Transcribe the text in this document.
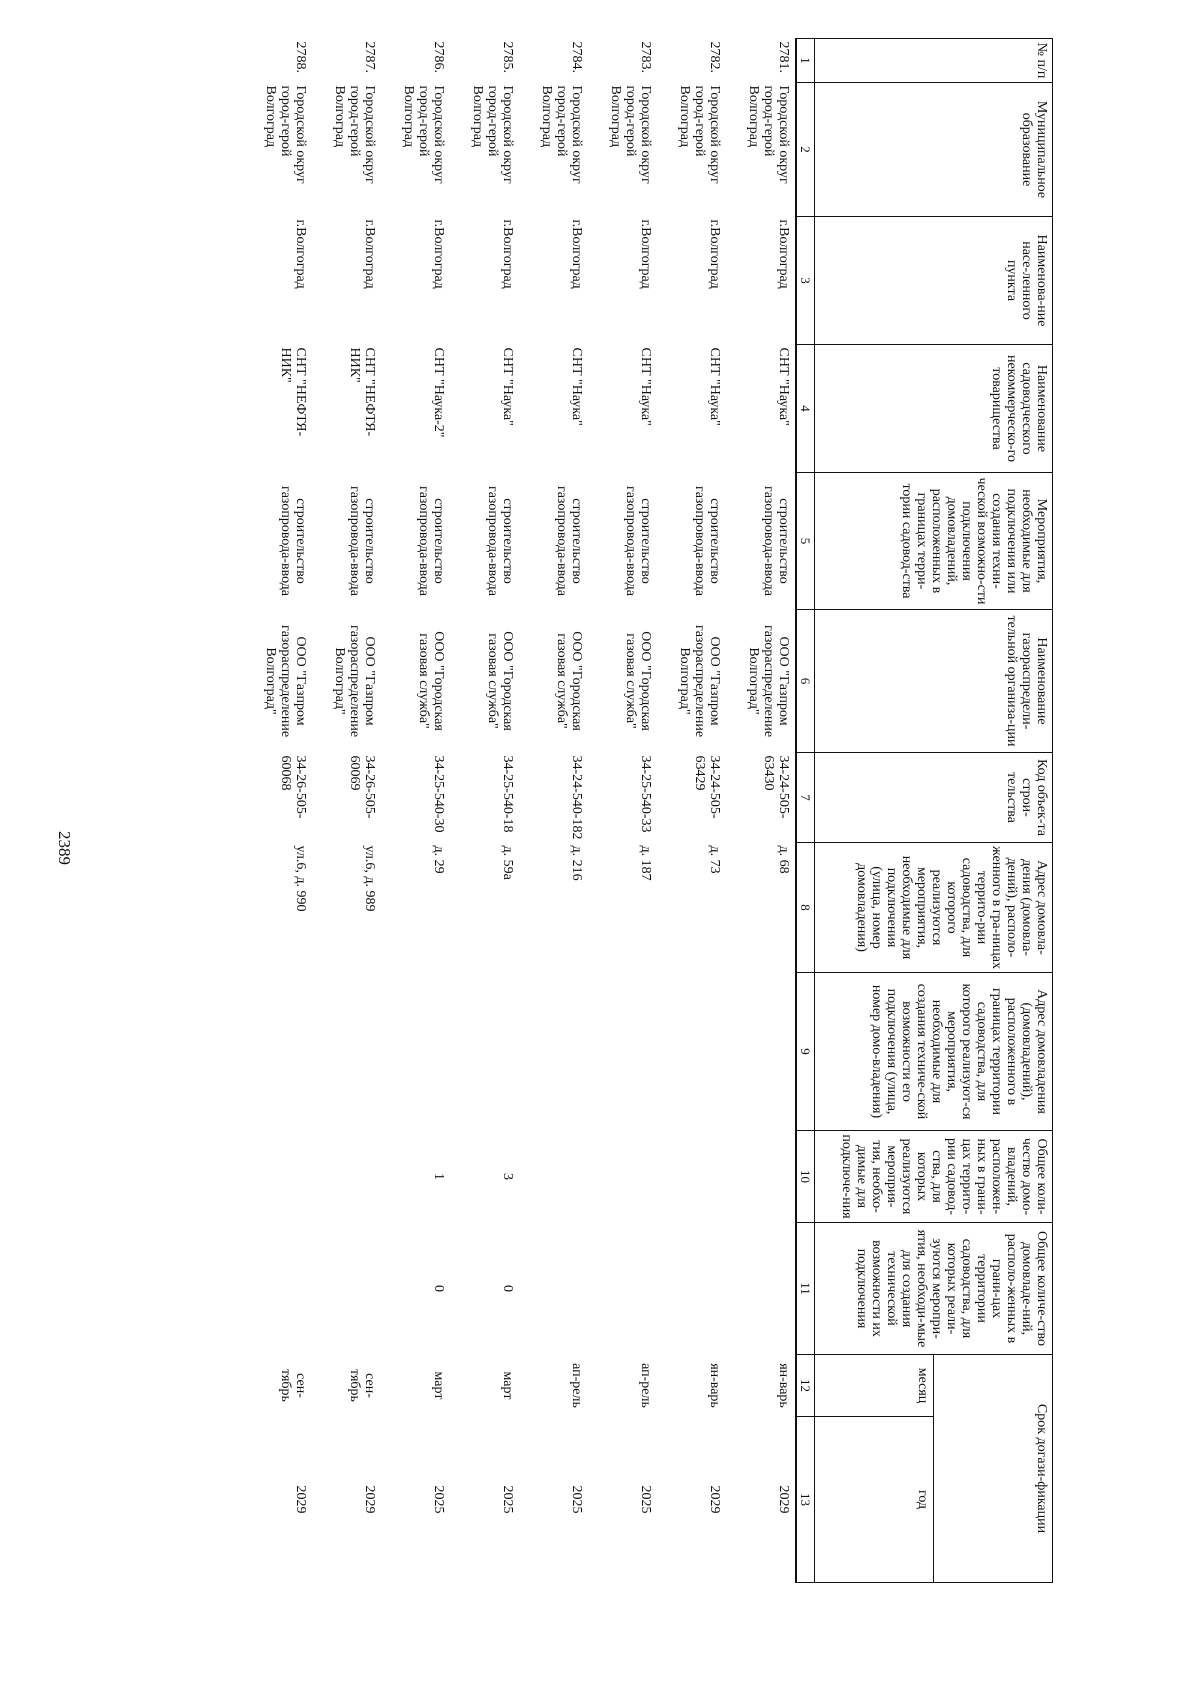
2389
№ п/п	Муниципальное образование	Наименова-ние насе-ленного пункта	Наименование садоводческого некоммерческо-го товарищества	Мероприятия, необходимые для подключения или создания техни-ческой возможно-сти подключения домовладений, расположенных в границах терри-тории садовод-ства	Наименование газораспредели-тельной организа-ции	Код объек-та строи-тельства	Адрес домовла-дения (домовла-дений), располо-женного в гра-ницах террито-рии садоводства, для которого реализуются мероприятия, необходимые для подключения (улица, номер домовладения)	Адрес домовладения (домовладений), расположенного в границах территории садоводства, для которого реализуют-ся мероприятия, необходимые для создания техниче-ской возможности его подключения (улица, номер домо-владения)	Общее коли-чество домо-владений, расположен-ных в грани-цах террито-рии садовод-ства, для которых реализуются мероприя-тия, необхо-димые для подключе-ния	Общее количе-ство домовладе-ний, располо-женных в грани-цах территории садоводства, для которых реали-зуются меропри-ятия, необходи-мые для создания технической возможности их подключения	Срок догази-фикации	
											месяц	год
1	2	3	4	5	6	7	8	9	10	11	12	13
2781.	Городской округ город-герой Волгоград	г.Волгоград	СНТ "Наука"	строительство газопровода-ввода	ООО "Газпром газораспределение Волгоград"	34-24-505-63430	д. 68				ян-варь	2029
2782.	Городской округ город-герой Волгоград	г.Волгоград	СНТ "Наука"	строительство газопровода-ввода	ООО "Газпром газораспределение Волгоград"	34-24-505-63429	д. 73				ян-варь	2029
2783.	Городской округ город-герой Волгоград	г.Волгоград	СНТ "Наука"	строительство газопровода-ввода	ООО "Городская газовая служба"	34-25-540-33	д. 187				ап-рель	2025
2784.	Городской округ город-герой Волгоград	г.Волгоград	СНТ "Наука"	строительство газопровода-ввода	ООО "Городская газовая служба"	34-24-540-182	д. 216				ап-рель	2025
2785.	Городской округ город-герой Волгоград	г.Волгоград	СНТ "Наука"	строительство газопровода-ввода	ООО "Городская газовая служба"	34-25-540-18	д. 59а		3	0	март	2025
2786.	Городской округ город-герой Волгоград	г.Волгоград	СНТ "Наука-2"	строительство газопровода-ввода	ООО "Городская газовая служба"	34-25-540-30	д. 29		1	0	март	2025
2787.	Городской округ город-герой Волгоград	г.Волгоград	СНТ "НЕФТЯ-НИК"	строительство газопровода-ввода	ООО "Газпром газораспределение Волгоград"	34-26-505-60069	ул.6, д. 989				сен-тябрь	2029
2788.	Городской округ город-герой Волгоград	г.Волгоград	СНТ "НЕФТЯ-НИК"	строительство газопровода-ввода	ООО "Газпром газораспределение Волгоград"	34-26-505-60068	ул.6, д. 990				сен-тябрь	2029
